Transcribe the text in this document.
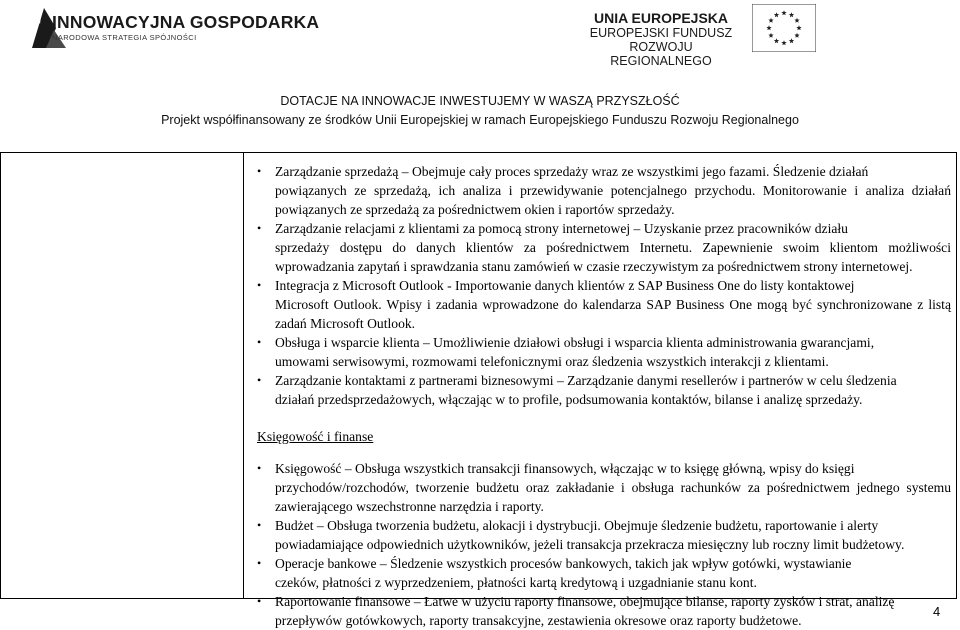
INNOWACYJNA GOSPODARKA
NARODOWA STRATEGIA SPÓJNOŚCI
UNIA EUROPEJSKA
EUROPEJSKI FUNDUSZ
ROZWOJU REGIONALNEGO
DOTACJE NA INNOWACJE INWESTUJEMY W WASZĄ PRZYSZŁOŚĆ
Projekt współfinansowany ze środków Unii Europejskiej w ramach Europejskiego Funduszu Rozwoju Regionalnego
• Zarządzanie sprzedażą – Obejmuje cały proces sprzedaży wraz ze wszystkimi jego fazami. Śledzenie działań
powiązanych ze sprzedażą, ich analiza i przewidywanie potencjalnego przychodu. Monitorowanie i analiza działań powiązanych ze sprzedażą za pośrednictwem okien i raportów sprzedaży.
• Zarządzanie relacjami z klientami za pomocą strony internetowej – Uzyskanie przez pracowników działu
sprzedaży dostępu do danych klientów za pośrednictwem Internetu. Zapewnienie swoim klientom możliwości wprowadzania zapytań i sprawdzania stanu zamówień w czasie rzeczywistym za pośrednictwem strony internetowej.
• Integracja z Microsoft Outlook - Importowanie danych klientów z SAP Business One do listy kontaktowej
Microsoft Outlook. Wpisy i zadania wprowadzone do kalendarza SAP Business One mogą być synchronizowane z listą zadań Microsoft Outlook.
• Obsługa i wsparcie klienta – Umożliwienie działowi obsługi i wsparcia klienta administrowania gwarancjami,
umowami serwisowymi, rozmowami telefonicznymi oraz śledzenia wszystkich interakcji z klientami.
• Zarządzanie kontaktami z partnerami biznesowymi – Zarządzanie danymi resellerów i partnerów w celu śledzenia
działań przedsprzedażowych, włączając w to profile, podsumowania kontaktów, bilanse i analizę sprzedaży.

Księgowość i finanse

• Księgowość – Obsługa wszystkich transakcji finansowych, włączając w to księgę główną, wpisy do księgi
przychodów/rozchodów, tworzenie budżetu oraz zakładanie i obsługa rachunków za pośrednictwem jednego systemu zawierającego wszechstronne narzędzia i raporty.
• Budżet – Obsługa tworzenia budżetu, alokacji i dystrybucji. Obejmuje śledzenie budżetu, raportowanie i alerty
powiadamiające odpowiednich użytkowników, jeżeli transakcja przekracza miesięczny lub roczny limit budżetowy.
• Operacje bankowe – Śledzenie wszystkich procesów bankowych, takich jak wpływ gotówki, wystawianie
czeków, płatności z wyprzedzeniem, płatności kartą kredytową i uzgadnianie stanu kont.
• Raportowanie finansowe – Łatwe w użyciu raporty finansowe, obejmujące bilanse, raporty zysków i strat, analizę
przepływów gotówkowych, raporty transakcyjne, zestawienia okresowe oraz raporty budżetowe.
4
